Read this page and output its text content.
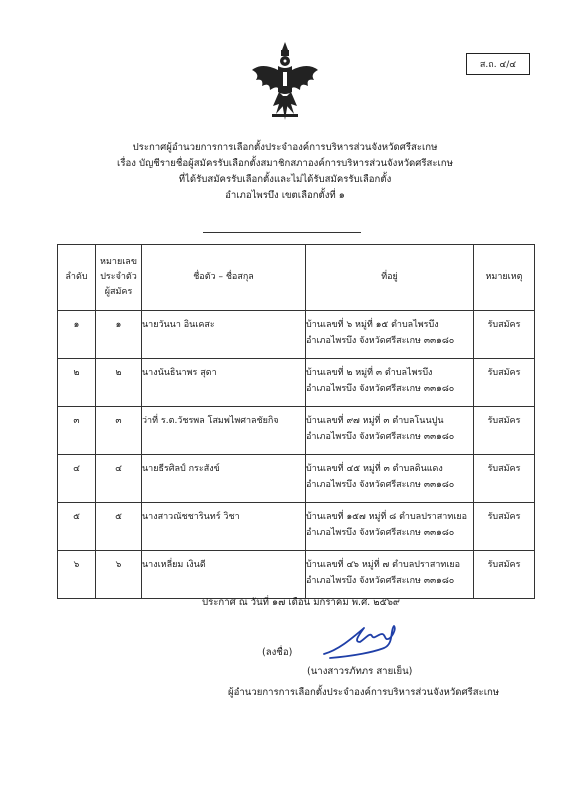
ส.ถ. ๔/๔
ประกาศผู้อำนวยการการเลือกตั้งประจำองค์การบริหารส่วนจังหวัดศรีสะเกษ
เรื่อง บัญชีรายชื่อผู้สมัครรับเลือกตั้งสมาชิกสภาองค์การบริหารส่วนจังหวัดศรีสะเกษ
ที่ได้รับสมัครรับเลือกตั้งและไม่ได้รับสมัครรับเลือกตั้ง
อำเภอไพรบึง เขตเลือกตั้งที่ ๑
ลำดับ	หมายเลข
ประจำตัว
ผู้สมัคร	ชื่อตัว – ชื่อสกุล	ที่อยู่	หมายเหตุ
๑	๑	นายวันนา อินเคสะ	บ้านเลขที่ ๖ หมู่ที่ ๑๕ ตำบลไพรบึง
อำเภอไพรบึง จังหวัดศรีสะเกษ ๓๓๑๘๐	รับสมัคร
๒	๒	นางนันธินาพร สุดา	บ้านเลขที่ ๒ หมู่ที่ ๓ ตำบลไพรบึง
อำเภอไพรบึง จังหวัดศรีสะเกษ ๓๓๑๘๐	รับสมัคร
๓	๓	ว่าที่ ร.ต.วัชรพล โสมพไพศาลชัยกิจ	บ้านเลขที่ ๙๗ หมู่ที่ ๓ ตำบลโนนปูน
อำเภอไพรบึง จังหวัดศรีสะเกษ ๓๓๑๘๐	รับสมัคร
๔	๔	นายธีรศิลป์ กระสังข์	บ้านเลขที่ ๔๕ หมู่ที่ ๓ ตำบลดินแดง
อำเภอไพรบึง จังหวัดศรีสะเกษ ๓๓๑๘๐	รับสมัคร
๕	๕	นางสาวณัชชารินทร์ วิชา	บ้านเลขที่ ๑๕๗ หมู่ที่ ๘ ตำบลปราสาทเยอ
อำเภอไพรบึง จังหวัดศรีสะเกษ ๓๓๑๘๐	รับสมัคร
๖	๖	นางเหลี่ยม เงินดี	บ้านเลขที่ ๔๖ หมู่ที่ ๗ ตำบลปราสาทเยอ
อำเภอไพรบึง จังหวัดศรีสะเกษ ๓๓๑๘๐	รับสมัคร
ประกาศ ณ วันที่ ๑๗ เดือน มกราคม พ.ศ. ๒๕๖๙
(ลงชื่อ)
(นางสาวรภัทภร สายเย็น)
ผู้อำนวยการการเลือกตั้งประจำองค์การบริหารส่วนจังหวัดศรีสะเกษ
